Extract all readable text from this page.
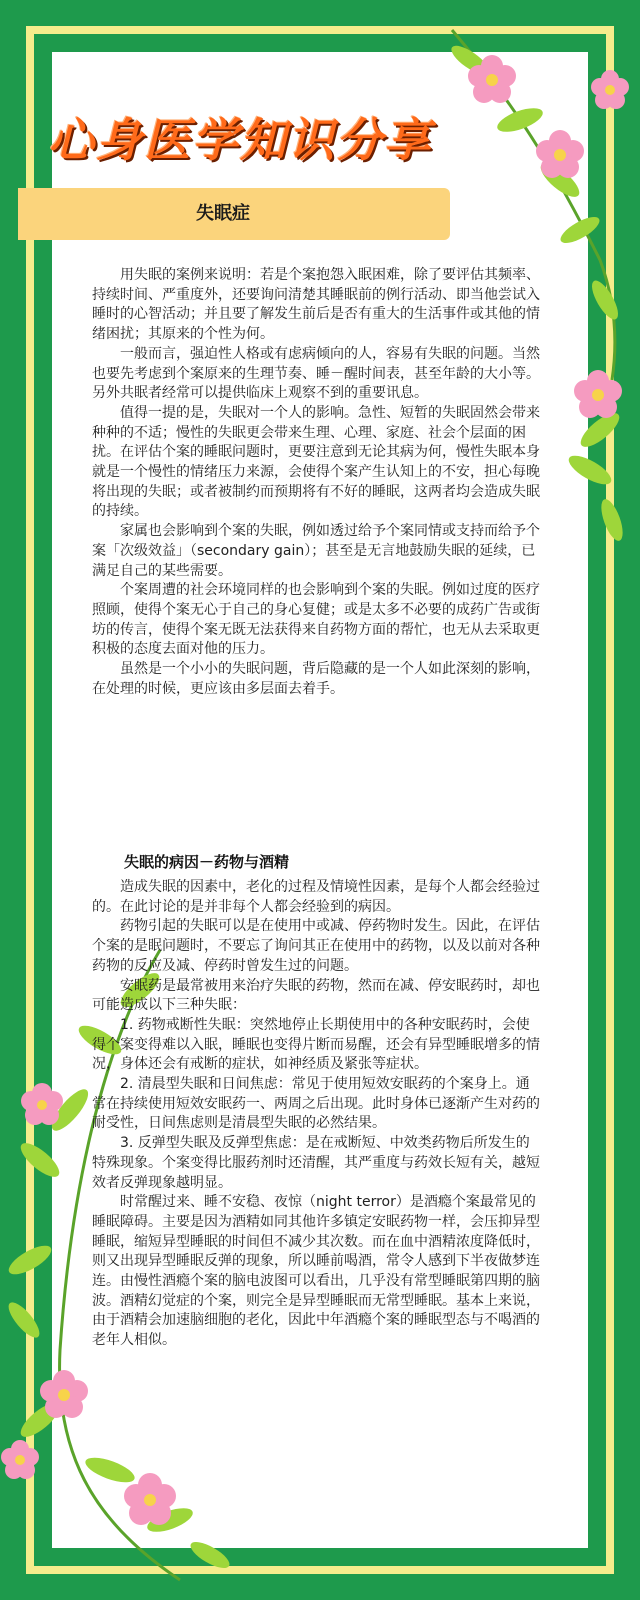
心身医学知识分享
失眠症

用失眠的案例来说明：若是个案抱怨入眠困难，除了要评估其频率、持续时间、严重度外，还要询问清楚其睡眠前的例行活动、即当他尝试入睡时的心智活动；并且要了解发生前后是否有重大的生活事件或其他的情绪困扰；其原来的个性为何。

一般而言，强迫性人格或有虑病倾向的人，容易有失眠的问题。当然也要先考虑到个案原来的生理节奏、睡－醒时间表，甚至年龄的大小等。另外共眠者经常可以提供临床上观察不到的重要讯息。

值得一提的是，失眠对一个人的影响。急性、短暂的失眠固然会带来种种的不适；慢性的失眠更会带来生理、心理、家庭、社会个层面的困扰。在评估个案的睡眠问题时，更要注意到无论其病为何，慢性失眠本身就是一个慢性的情绪压力来源，会使得个案产生认知上的不安，担心每晚将出现的失眠；或者被制约而预期将有不好的睡眠，这两者均会造成失眠的持续。

家属也会影响到个案的失眠，例如透过给予个案同情或支持而给予个案「次级效益」（secondary gain）；甚至是无言地鼓励失眠的延续，已满足自己的某些需要。

个案周遭的社会环境同样的也会影响到个案的失眠。例如过度的医疗照顾，使得个案无心于自己的身心复健；或是太多不必要的成药广告或街坊的传言，使得个案无既无法获得来自药物方面的帮忙，也无从去采取更积极的态度去面对他的压力。

虽然是一个小小的失眠问题，背后隐藏的是一个人如此深刻的影响，在处理的时候，更应该由多层面去着手。

失眠的病因－药物与酒精

造成失眠的因素中，老化的过程及情境性因素，是每个人都会经验过的。在此讨论的是并非每个人都会经验到的病因。

药物引起的失眠可以是在使用中或减、停药物时发生。因此，在评估个案的是眠问题时，不要忘了询问其正在使用中的药物，以及以前对各种药物的反应及减、停药时曾发生过的问题。

安眠药是最常被用来治疗失眠的药物，然而在减、停安眠药时，却也可能造成以下三种失眠：

1. 药物戒断性失眠：突然地停止长期使用中的各种安眠药时，会使得个案变得难以入眠，睡眠也变得片断而易醒，还会有异型睡眠增多的情况，身体还会有戒断的症状，如神经质及紧张等症状。

2. 清晨型失眠和日间焦虑：常见于使用短效安眠药的个案身上。通常在持续使用短效安眠药一、两周之后出现。此时身体已逐渐产生对药的耐受性，日间焦虑则是清晨型失眠的必然结果。

3. 反弹型失眠及反弹型焦虑：是在戒断短、中效类药物后所发生的特殊现象。个案变得比服药剂时还清醒，其严重度与药效长短有关，越短效者反弹现象越明显。

时常醒过来、睡不安稳、夜惊（night terror）是酒瘾个案最常见的睡眠障碍。主要是因为酒精如同其他许多镇定安眠药物一样，会压抑异型睡眠，缩短异型睡眠的时间但不减少其次数。而在血中酒精浓度降低时，则又出现异型睡眠反弹的现象，所以睡前喝酒，常令人感到下半夜做梦连连。由慢性酒瘾个案的脑电波图可以看出，几乎没有常型睡眠第四期的脑波。酒精幻觉症的个案，则完全是异型睡眠而无常型睡眠。基本上来说，由于酒精会加速脑细胞的老化，因此中年酒瘾个案的睡眠型态与不喝酒的老年人相似。
